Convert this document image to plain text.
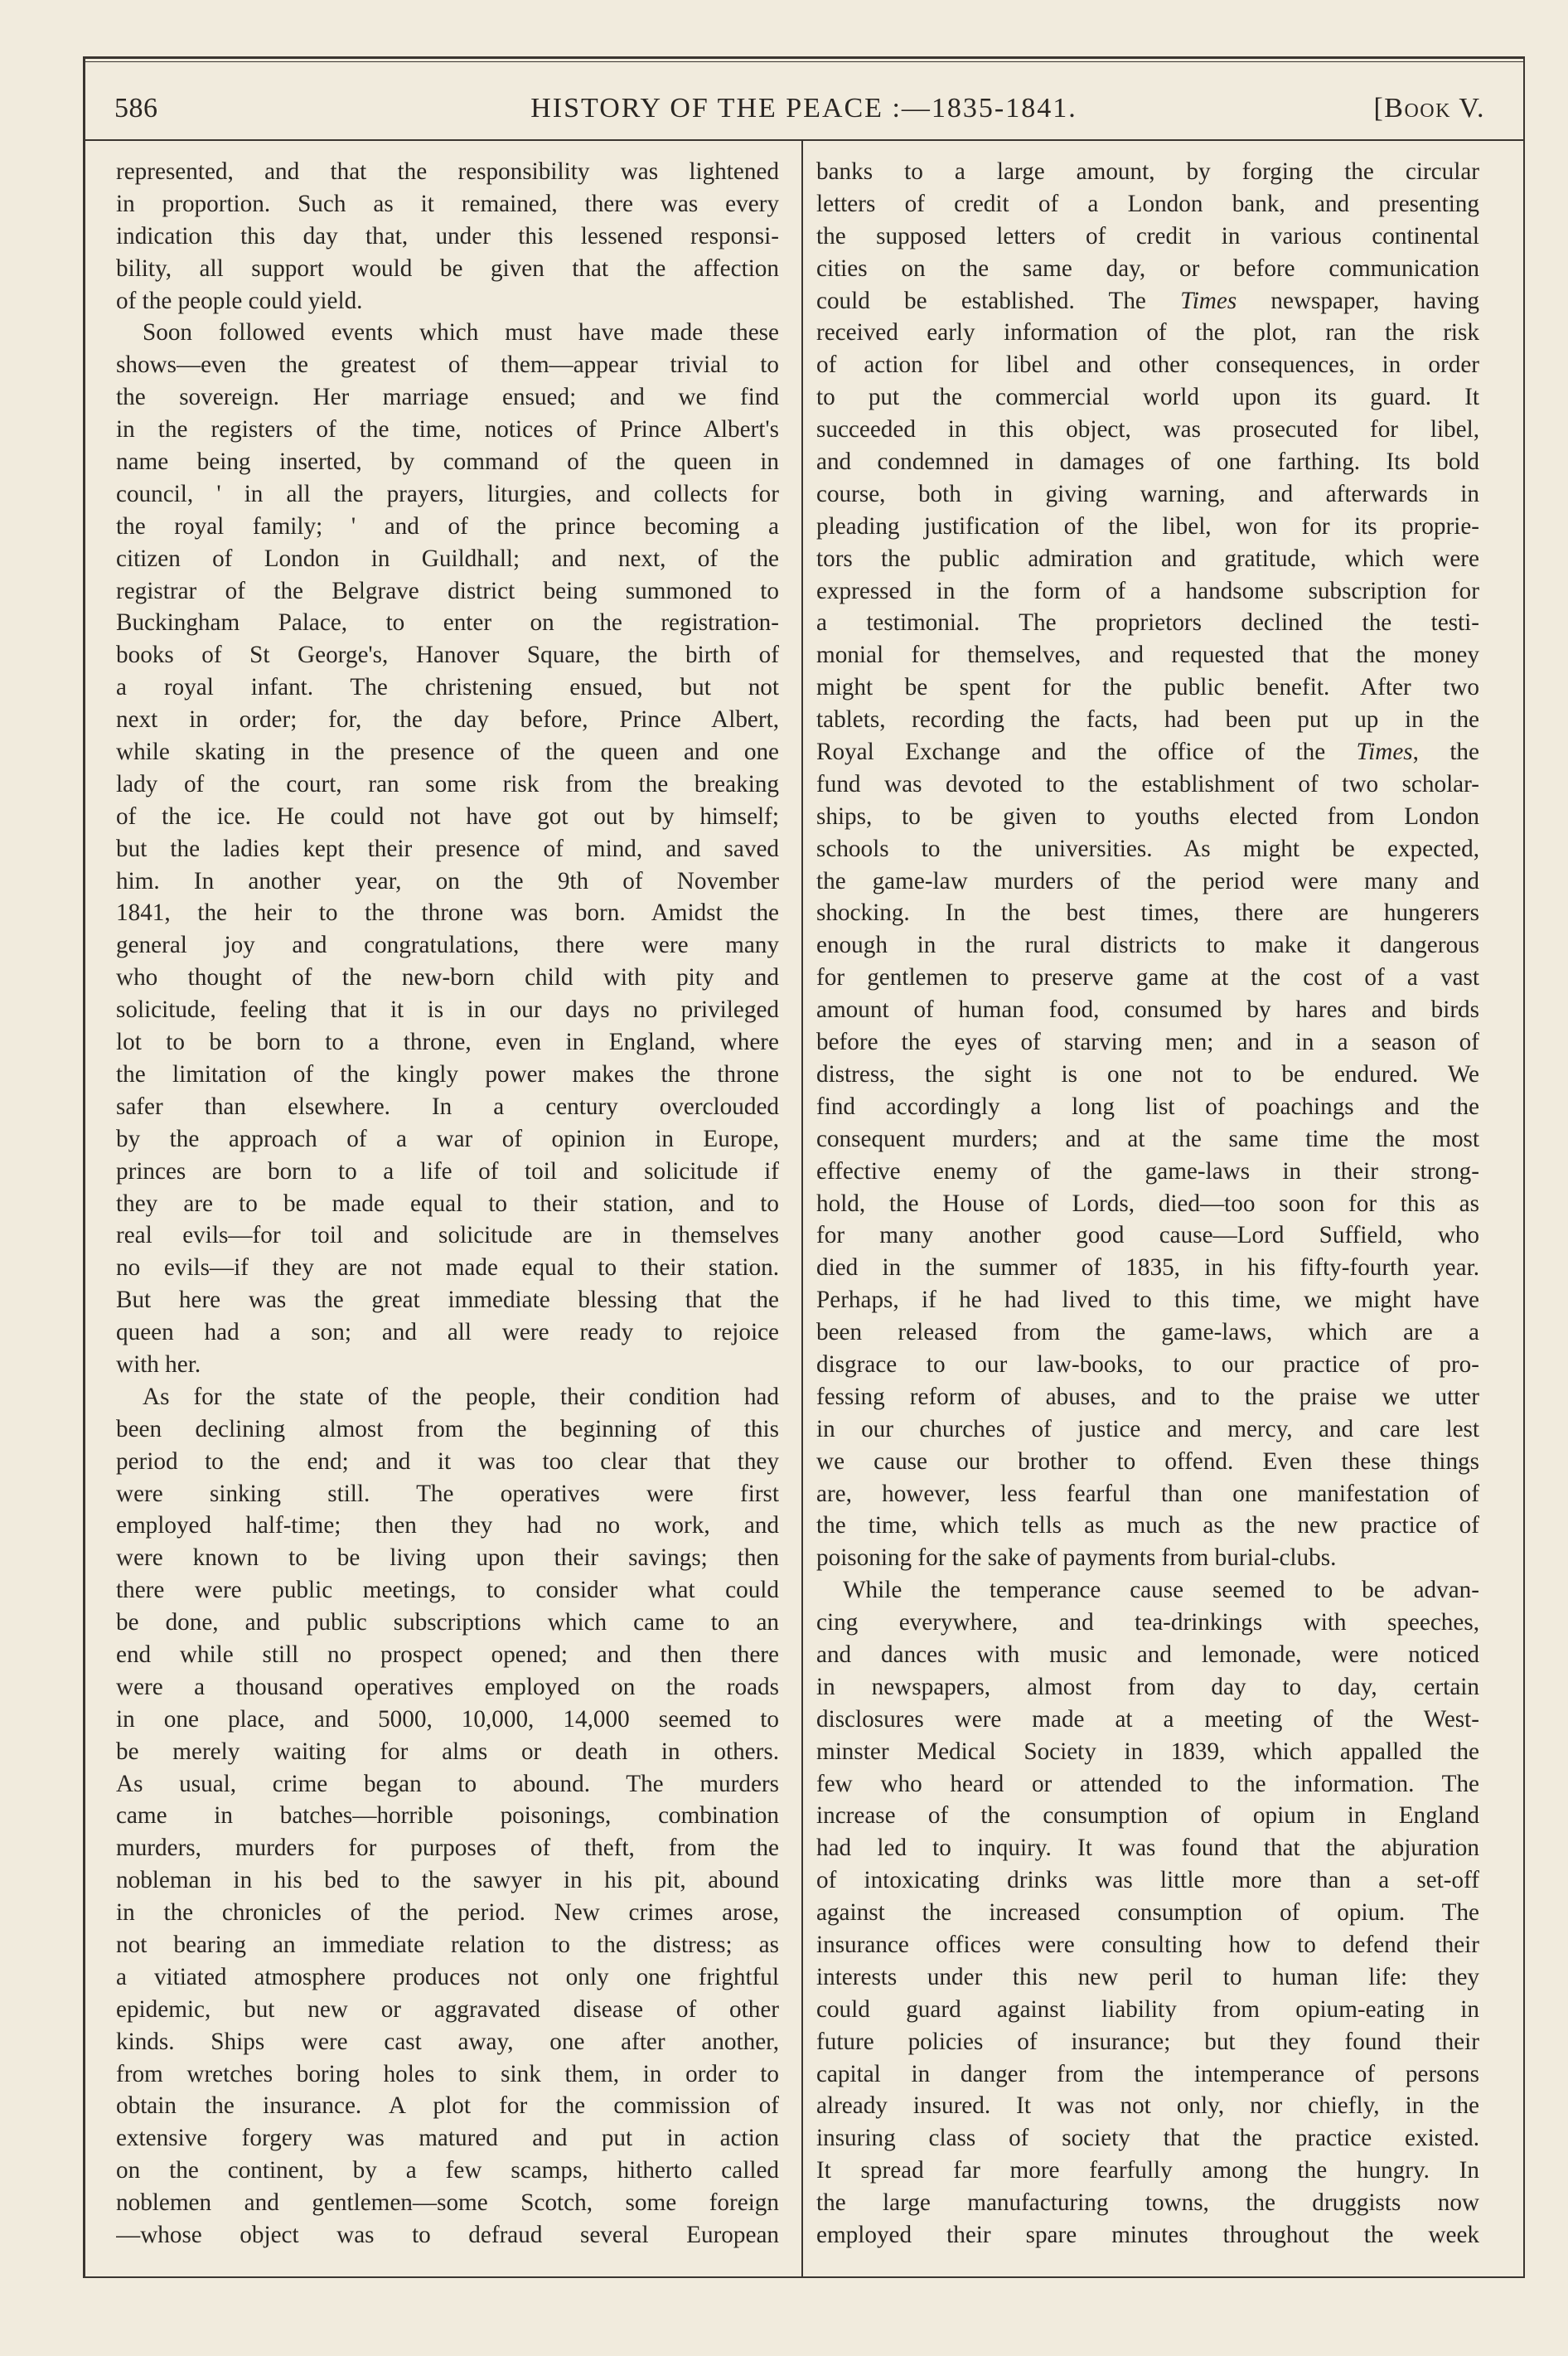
586	HISTORY OF THE PEACE :—1835-1841.	[Book V.
represented, and that the responsibility was lightened
in proportion. Such as it remained, there was every
indication this day that, under this lessened responsi-
bility, all support would be given that the affection
of the people could yield.
Soon followed events which must have made these
shows—even the greatest of them—appear trivial to
the sovereign. Her marriage ensued; and we find
in the registers of the time, notices of Prince Albert's
name being inserted, by command of the queen in
council, ' in all the prayers, liturgies, and collects for
the royal family; ' and of the prince becoming a
citizen of London in Guildhall; and next, of the
registrar of the Belgrave district being summoned to
Buckingham Palace, to enter on the registration-
books of St George's, Hanover Square, the birth of
a royal infant. The christening ensued, but not
next in order; for, the day before, Prince Albert,
while skating in the presence of the queen and one
lady of the court, ran some risk from the breaking
of the ice. He could not have got out by himself;
but the ladies kept their presence of mind, and saved
him. In another year, on the 9th of November
1841, the heir to the throne was born. Amidst the
general joy and congratulations, there were many
who thought of the new-born child with pity and
solicitude, feeling that it is in our days no privileged
lot to be born to a throne, even in England, where
the limitation of the kingly power makes the throne
safer than elsewhere. In a century overclouded
by the approach of a war of opinion in Europe,
princes are born to a life of toil and solicitude if
they are to be made equal to their station, and to
real evils—for toil and solicitude are in themselves
no evils—if they are not made equal to their station.
But here was the great immediate blessing that the
queen had a son; and all were ready to rejoice
with her.
As for the state of the people, their condition had
been declining almost from the beginning of this
period to the end; and it was too clear that they
were sinking still. The operatives were first
employed half-time; then they had no work, and
were known to be living upon their savings; then
there were public meetings, to consider what could
be done, and public subscriptions which came to an
end while still no prospect opened; and then there
were a thousand operatives employed on the roads
in one place, and 5000, 10,000, 14,000 seemed to
be merely waiting for alms or death in others.
As usual, crime began to abound. The murders
came in batches—horrible poisonings, combination
murders, murders for purposes of theft, from the
nobleman in his bed to the sawyer in his pit, abound
in the chronicles of the period. New crimes arose,
not bearing an immediate relation to the distress; as
a vitiated atmosphere produces not only one frightful
epidemic, but new or aggravated disease of other
kinds. Ships were cast away, one after another,
from wretches boring holes to sink them, in order to
obtain the insurance. A plot for the commission of
extensive forgery was matured and put in action
on the continent, by a few scamps, hitherto called
noblemen and gentlemen—some Scotch, some foreign
—whose object was to defraud several European
banks to a large amount, by forging the circular
letters of credit of a London bank, and presenting
the supposed letters of credit in various continental
cities on the same day, or before communication
could be established. The Times newspaper, having
received early information of the plot, ran the risk
of action for libel and other consequences, in order
to put the commercial world upon its guard. It
succeeded in this object, was prosecuted for libel,
and condemned in damages of one farthing. Its bold
course, both in giving warning, and afterwards in
pleading justification of the libel, won for its proprie-
tors the public admiration and gratitude, which were
expressed in the form of a handsome subscription for
a testimonial. The proprietors declined the testi-
monial for themselves, and requested that the money
might be spent for the public benefit. After two
tablets, recording the facts, had been put up in the
Royal Exchange and the office of the Times, the
fund was devoted to the establishment of two scholar-
ships, to be given to youths elected from London
schools to the universities. As might be expected,
the game-law murders of the period were many and
shocking. In the best times, there are hungerers
enough in the rural districts to make it dangerous
for gentlemen to preserve game at the cost of a vast
amount of human food, consumed by hares and birds
before the eyes of starving men; and in a season of
distress, the sight is one not to be endured. We
find accordingly a long list of poachings and the
consequent murders; and at the same time the most
effective enemy of the game-laws in their strong-
hold, the House of Lords, died—too soon for this as
for many another good cause—Lord Suffield, who
died in the summer of 1835, in his fifty-fourth year.
Perhaps, if he had lived to this time, we might have
been released from the game-laws, which are a
disgrace to our law-books, to our practice of pro-
fessing reform of abuses, and to the praise we utter
in our churches of justice and mercy, and care lest
we cause our brother to offend. Even these things
are, however, less fearful than one manifestation of
the time, which tells as much as the new practice of
poisoning for the sake of payments from burial-clubs.
While the temperance cause seemed to be advan-
cing everywhere, and tea-drinkings with speeches,
and dances with music and lemonade, were noticed
in newspapers, almost from day to day, certain
disclosures were made at a meeting of the West-
minster Medical Society in 1839, which appalled the
few who heard or attended to the information. The
increase of the consumption of opium in England
had led to inquiry. It was found that the abjuration
of intoxicating drinks was little more than a set-off
against the increased consumption of opium. The
insurance offices were consulting how to defend their
interests under this new peril to human life: they
could guard against liability from opium-eating in
future policies of insurance; but they found their
capital in danger from the intemperance of persons
already insured. It was not only, nor chiefly, in the
insuring class of society that the practice existed.
It spread far more fearfully among the hungry. In
the large manufacturing towns, the druggists now
employed their spare minutes throughout the week
